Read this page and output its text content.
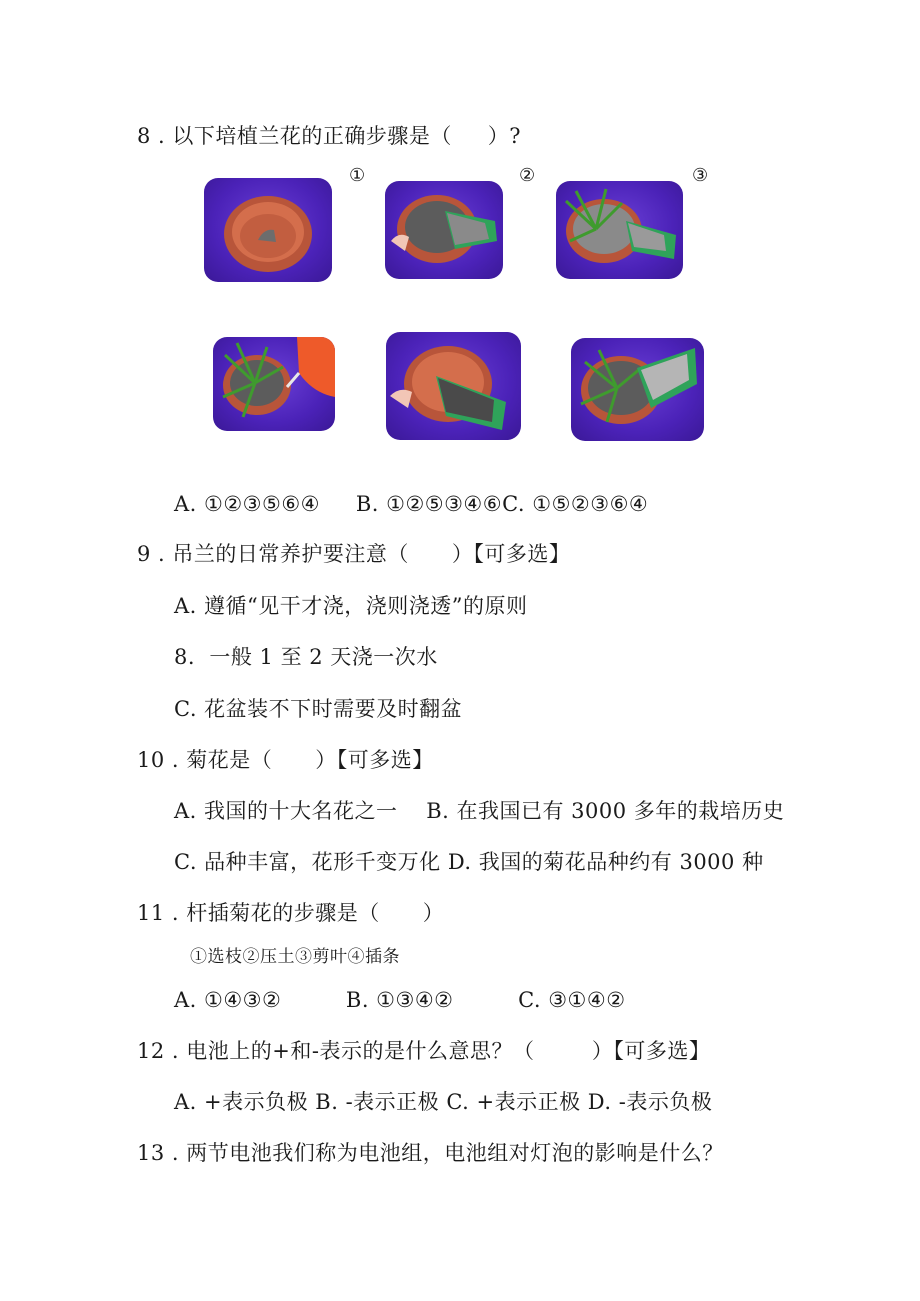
8 . 以下培植兰花的正确步骤是（     ）?
①	②	③
A. ①②③⑤⑥④     B. ①②⑤③④⑥C. ①⑤②③⑥④
9 . 吊兰的日常养护要注意（      ）【可多选】
A. 遵循“见干才浇，浇则浇透”的原则
8.  一般 1 至 2 天浇一次水
C. 花盆装不下时需要及时翻盆
10 . 菊花是（      ）【可多选】
A. 我国的十大名花之一    B. 在我国已有 3000 多年的栽培历史
C. 品种丰富，花形千变万化 D. 我国的菊花品种约有 3000 种
11 . 杆插菊花的步骤是（      ）
①选枝②压土③剪叶④插条
A. ①④③②         B. ①③④②         C. ③①④②
12 . 电池上的+和-表示的是什么意思？（        ）【可多选】
A. +表示负极 B. -表示正极 C. +表示正极 D. -表示负极
13 . 两节电池我们称为电池组，电池组对灯泡的影响是什么？
